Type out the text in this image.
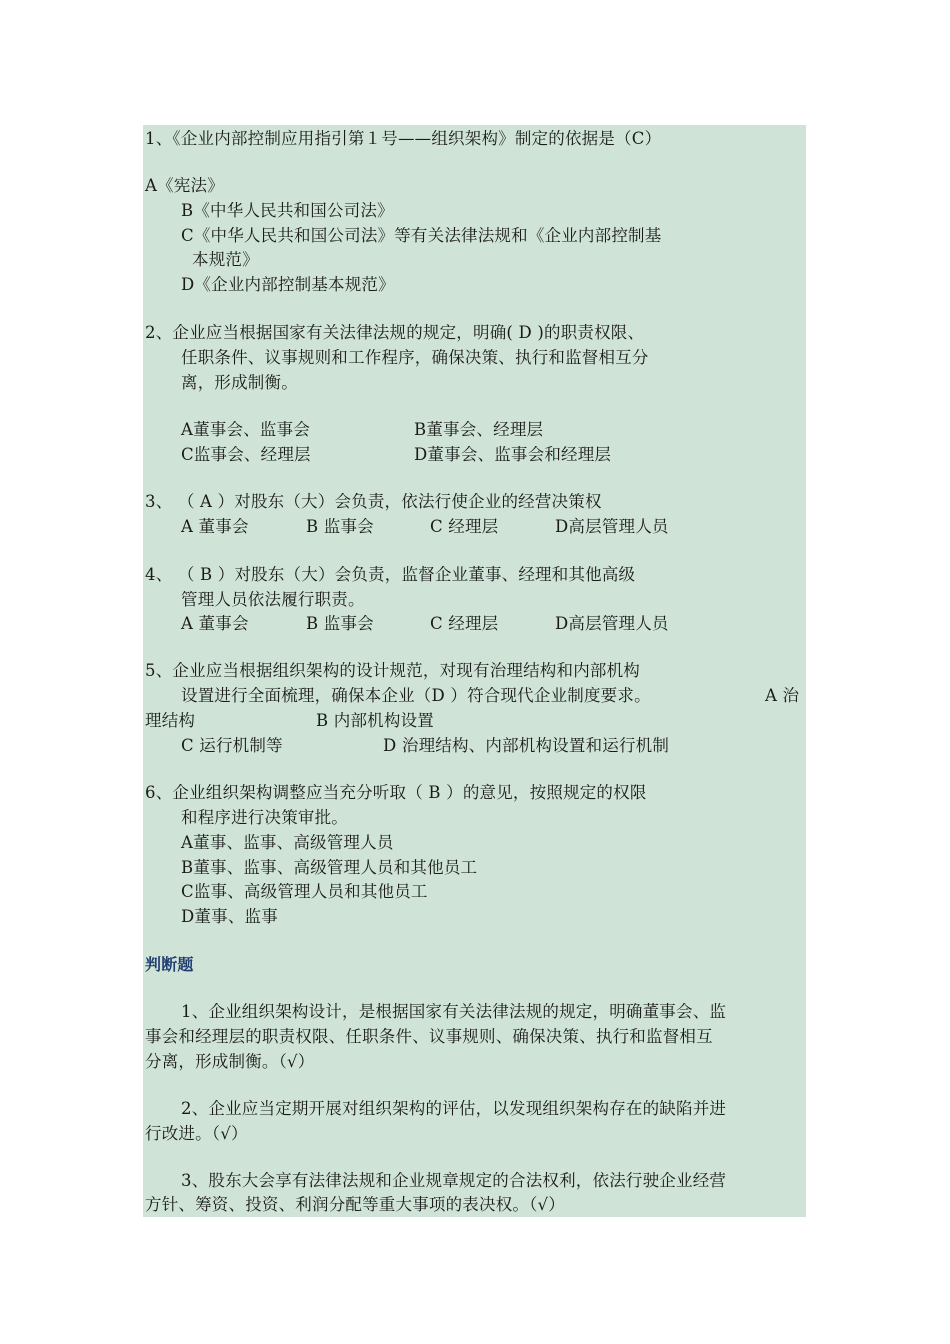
1、《企业内部控制应用指引第１号——组织架构》制定的依据是（C）
A《宪法》
B《中华人民共和国公司法》
C《中华人民共和国公司法》等有关法律法规和《企业内部控制基
本规范》
D《企业内部控制基本规范》
2、企业应当根据国家有关法律法规的规定，明确( D )的职责权限、
任职条件、议事规则和工作程序，确保决策、执行和监督相互分
离，形成制衡。
A董事会、监事会	B董事会、经理层
C监事会、经理层	D董事会、监事会和经理层
3、 （ A ）对股东（大）会负责，依法行使企业的经营决策权
A 董事会	B 监事会	C 经理层	D高层管理人员
4、 （ B ）对股东（大）会负责，监督企业董事、经理和其他高级
管理人员依法履行职责。
A 董事会	B 监事会	C 经理层	D高层管理人员
5、企业应当根据组织架构的设计规范，对现有治理结构和内部机构
设置进行全面梳理，确保本企业（D ）符合现代企业制度要求。	A 治
理结构	B 内部机构设置
C 运行机制等	D 治理结构、内部机构设置和运行机制
6、企业组织架构调整应当充分听取（ B ）的意见，按照规定的权限
和程序进行决策审批。
A董事、监事、高级管理人员
B董事、监事、高级管理人员和其他员工
C监事、高级管理人员和其他员工
D董事、监事
判断题
1、企业组织架构设计，是根据国家有关法律法规的规定，明确董事会、监
事会和经理层的职责权限、任职条件、议事规则、确保决策、执行和监督相互
分离，形成制衡。（√）
2、企业应当定期开展对组织架构的评估，以发现组织架构存在的缺陷并进
行改进。（√）
3、股东大会享有法律法规和企业规章规定的合法权利，依法行驶企业经营
方针、筹资、投资、利润分配等重大事项的表决权。（√）
